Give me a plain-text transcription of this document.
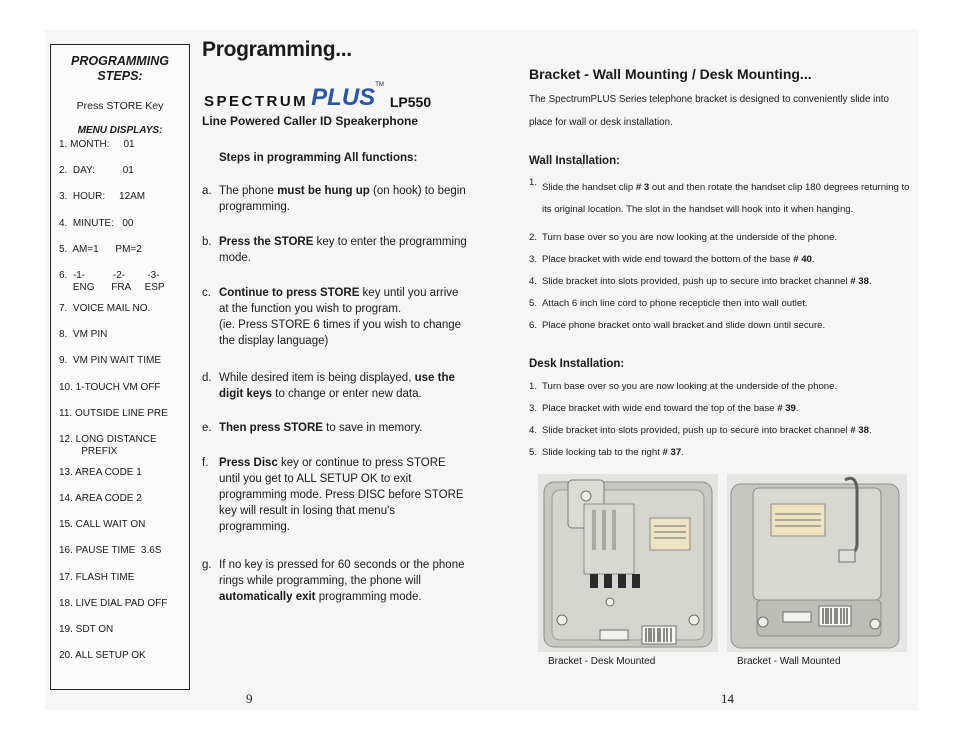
PROGRAMMING
STEPS:
Press STORE Key
MENU DISPLAYS:
1. MONTH:     01
2.  DAY:          01
3.  HOUR:     12AM
4.  MINUTE:   00
5.  AM=1      PM=2
6.  -1-          -2-        -3-
ENG      FRA     ESP
7.  VOICE MAIL NO.
8.  VM PIN
9.  VM PIN WAIT TIME
10. 1-TOUCH VM OFF
11. OUTSIDE LINE PRE
12. LONG DISTANCE
PREFIX
13. AREA CODE 1
14. AREA CODE 2
15. CALL WAIT ON
16. PAUSE TIME  3.6S
17. FLASH TIME
18. LIVE DIAL PAD OFF
19. SDT ON
20. ALL SETUP OK
Programming...
SPECTRUM PLUS TM
LP550
Line Powered Caller ID Speakerphone
Steps in programming All functions:
a. The phone must be hung up (on hook) to begin programming.
b. Press the STORE key to enter the programming mode.
c. Continue to press STORE key until you arrive at the function you wish to program.
(ie. Press STORE 6 times if you wish to change the display language)
d. While desired item is being displayed, use the digit keys to change or enter new data.
e. Then press STORE to save in memory.
f. Press Disc key or continue to press STORE until you get to ALL SETUP OK to exit programming mode. Press DISC before STORE key will result in losing that menu's programming.
g. If no key is pressed for 60 seconds or the phone rings while programming, the phone will automatically exit programming mode.
9
Bracket - Wall Mounting / Desk Mounting...
The SpectrumPLUS Series telephone bracket is designed to conveniently slide into place for wall or desk installation.
Wall Installation:
1. Slide the handset clip # 3 out and then rotate the handset clip 180 degrees returning to its original location. The slot in the handset will hook into it when hanging.
2. Turn base over so you are now looking at the underside of the phone.
3. Place bracket with wide end toward the bottom of the base # 40.
4. Slide bracket into slots provided, push up to secure into bracket channel # 38.
5. Attach 6 inch line cord to phone recepticle then into wall outlet.
6. Place phone bracket onto wall bracket and slide down until secure.
Desk Installation:
1. Turn base over so you are now looking at the underside of the phone.
3. Place bracket with wide end toward the top of the base # 39.
4. Slide bracket into slots provided, push up to secure into bracket channel # 38.
5. Slide locking tab to the right # 37.
Bracket - Desk Mounted	Bracket - Wall Mounted
14
